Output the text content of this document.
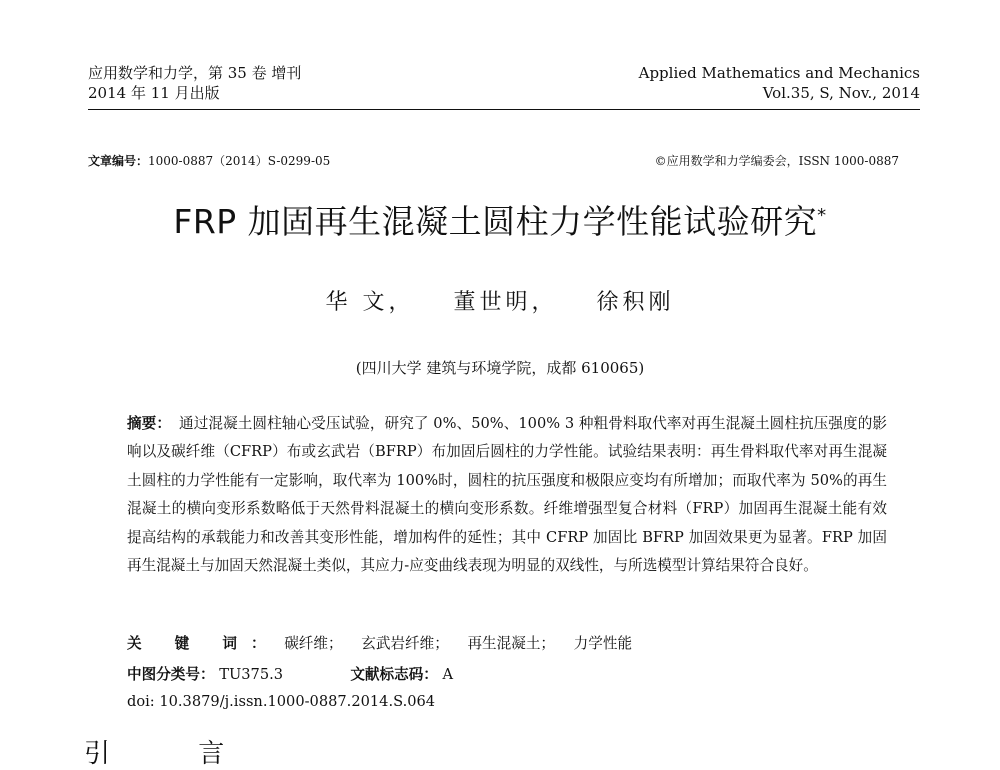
应用数学和力学，第 35 卷 增刊
2014 年 11 月出版
Applied Mathematics and Mechanics
Vol.35, S, Nov., 2014
文章编号：1000-0887（2014）S-0299-05	©应用数学和力学编委会，ISSN 1000-0887
FRP 加固再生混凝土圆柱力学性能试验研究*
华 文， 董世明， 徐积刚
(四川大学 建筑与环境学院，成都 610065)
摘要： 通过混凝土圆柱轴心受压试验，研究了 0%、50%、100% 3 种粗骨料取代率对再生混凝土圆柱抗压强度的影响以及碳纤维（CFRP）布或玄武岩（BFRP）布加固后圆柱的力学性能。试验结果表明：再生骨料取代率对再生混凝土圆柱的力学性能有一定影响，取代率为 100%时，圆柱的抗压强度和极限应变均有所增加；而取代率为 50%的再生混凝土的横向变形系数略低于天然骨料混凝土的横向变形系数。纤维增强型复合材料（FRP）加固再生混凝土能有效提高结构的承载能力和改善其变形性能，增加构件的延性；其中 CFRP 加固比 BFRP 加固效果更为显著。FRP 加固再生混凝土与加固天然混凝土类似，其应力-应变曲线表现为明显的双线性，与所选模型计算结果符合良好。
关 键 词： 碳纤维； 玄武岩纤维； 再生混凝土； 力学性能
中图分类号： TU375.3	文献标志码： A
doi: 10.3879/j.issn.1000-0887.2014.S.064
引 言
